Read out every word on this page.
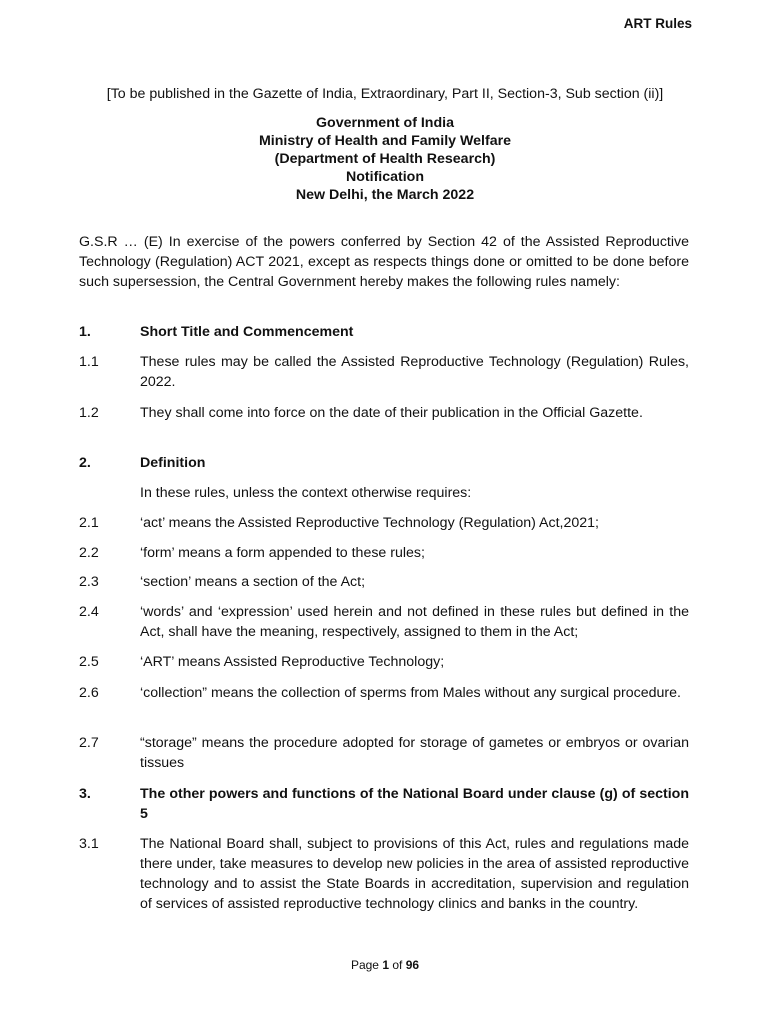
ART Rules
[To be published in the Gazette of India, Extraordinary, Part II, Section-3, Sub section (ii)]
Government of India
Ministry of Health and Family Welfare
(Department of Health Research)
Notification
New Delhi, the March 2022
G.S.R … (E) In exercise of the powers conferred by Section 42 of the Assisted Reproductive Technology (Regulation) ACT 2021, except as respects things done or omitted to be done before such supersession, the Central Government hereby makes the following rules namely:
1.	Short Title and Commencement
1.1	These rules may be called the Assisted Reproductive Technology (Regulation) Rules, 2022.
1.2	They shall come into force on the date of their publication in the Official Gazette.
2.	Definition
In these rules, unless the context otherwise requires:
2.1	‘act’ means the Assisted Reproductive Technology (Regulation) Act,2021;
2.2	‘form’ means a form appended to these rules;
2.3	‘section’ means a section of the Act;
2.4	‘words’ and ‘expression’ used herein and not defined in these rules but defined in the Act, shall have the meaning, respectively, assigned to them in the Act;
2.5	‘ART’ means Assisted Reproductive Technology;
2.6	‘collection” means the collection of sperms from Males without any surgical procedure.
2.7	“storage” means the procedure adopted for storage of gametes or embryos or ovarian tissues
3.	The other powers and functions of the National Board under clause (g) of section 5
3.1	The National Board shall, subject to provisions of this Act, rules and regulations made there under, take measures to develop new policies in the area of assisted reproductive technology and to assist the State Boards in accreditation, supervision and regulation of services of assisted reproductive technology clinics and banks in the country.
Page 1 of 96
